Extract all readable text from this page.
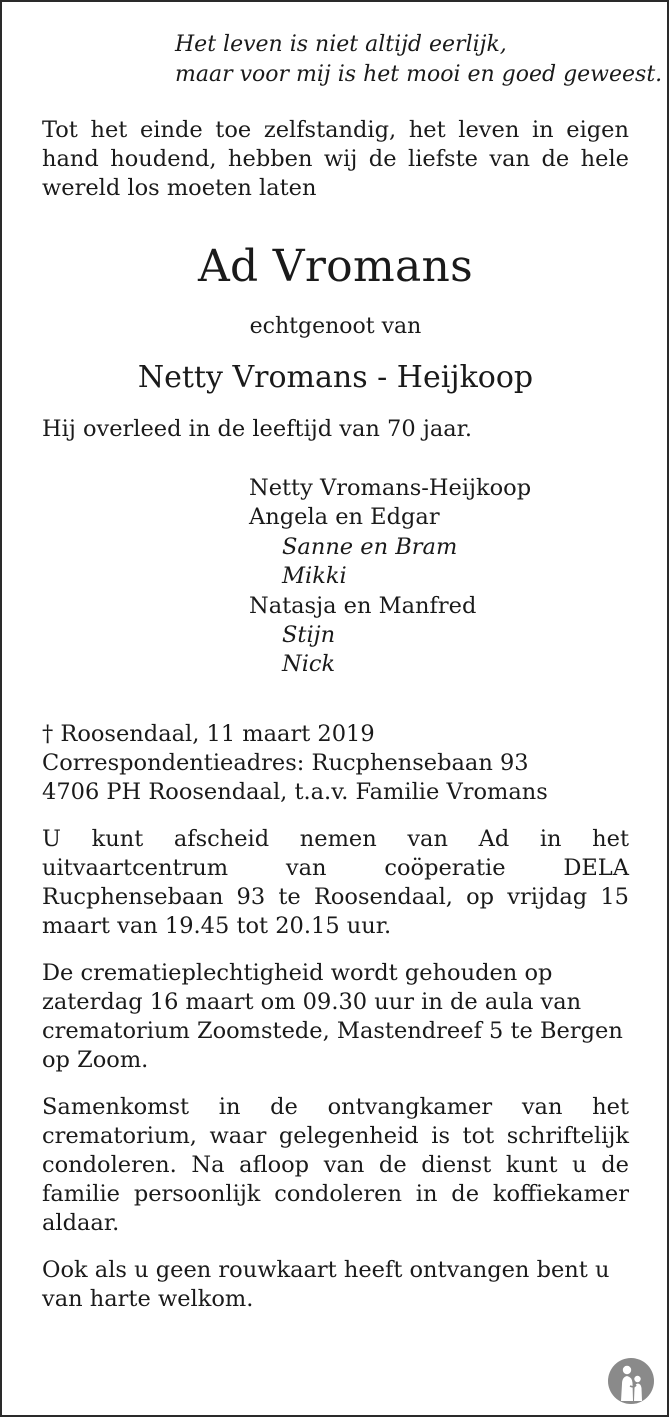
Het leven is niet altijd eerlijk,
maar voor mij is het mooi en goed geweest.
Tot het einde toe zelfstandig, het leven in eigen hand houdend, hebben wij de liefste van de hele wereld los moeten laten
Ad Vromans
echtgenoot van
Netty Vromans - Heijkoop
Hij overleed in de leeftijd van 70 jaar.
Netty Vromans-Heijkoop
Angela en Edgar
Sanne en Bram
Mikki
Natasja en Manfred
Stijn
Nick
† Roosendaal, 11 maart 2019
Correspondentieadres: Rucphensebaan 93
4706 PH Roosendaal, t.a.v. Familie Vromans
U kunt afscheid nemen van Ad in het uitvaartcentrum van coöperatie DELA Rucphensebaan 93 te Roosendaal, op vrijdag 15 maart van 19.45 tot 20.15 uur.
De crematieplechtigheid wordt gehouden op zaterdag 16 maart om 09.30 uur in de aula van crematorium Zoomstede, Mastendreef 5 te Bergen op Zoom.
Samenkomst in de ontvangkamer van het crematorium, waar gelegenheid is tot schriftelijk condoleren. Na afloop van de dienst kunt u de familie persoonlijk condoleren in de koffiekamer aldaar.
Ook als u geen rouwkaart heeft ontvangen bent u van harte welkom.
